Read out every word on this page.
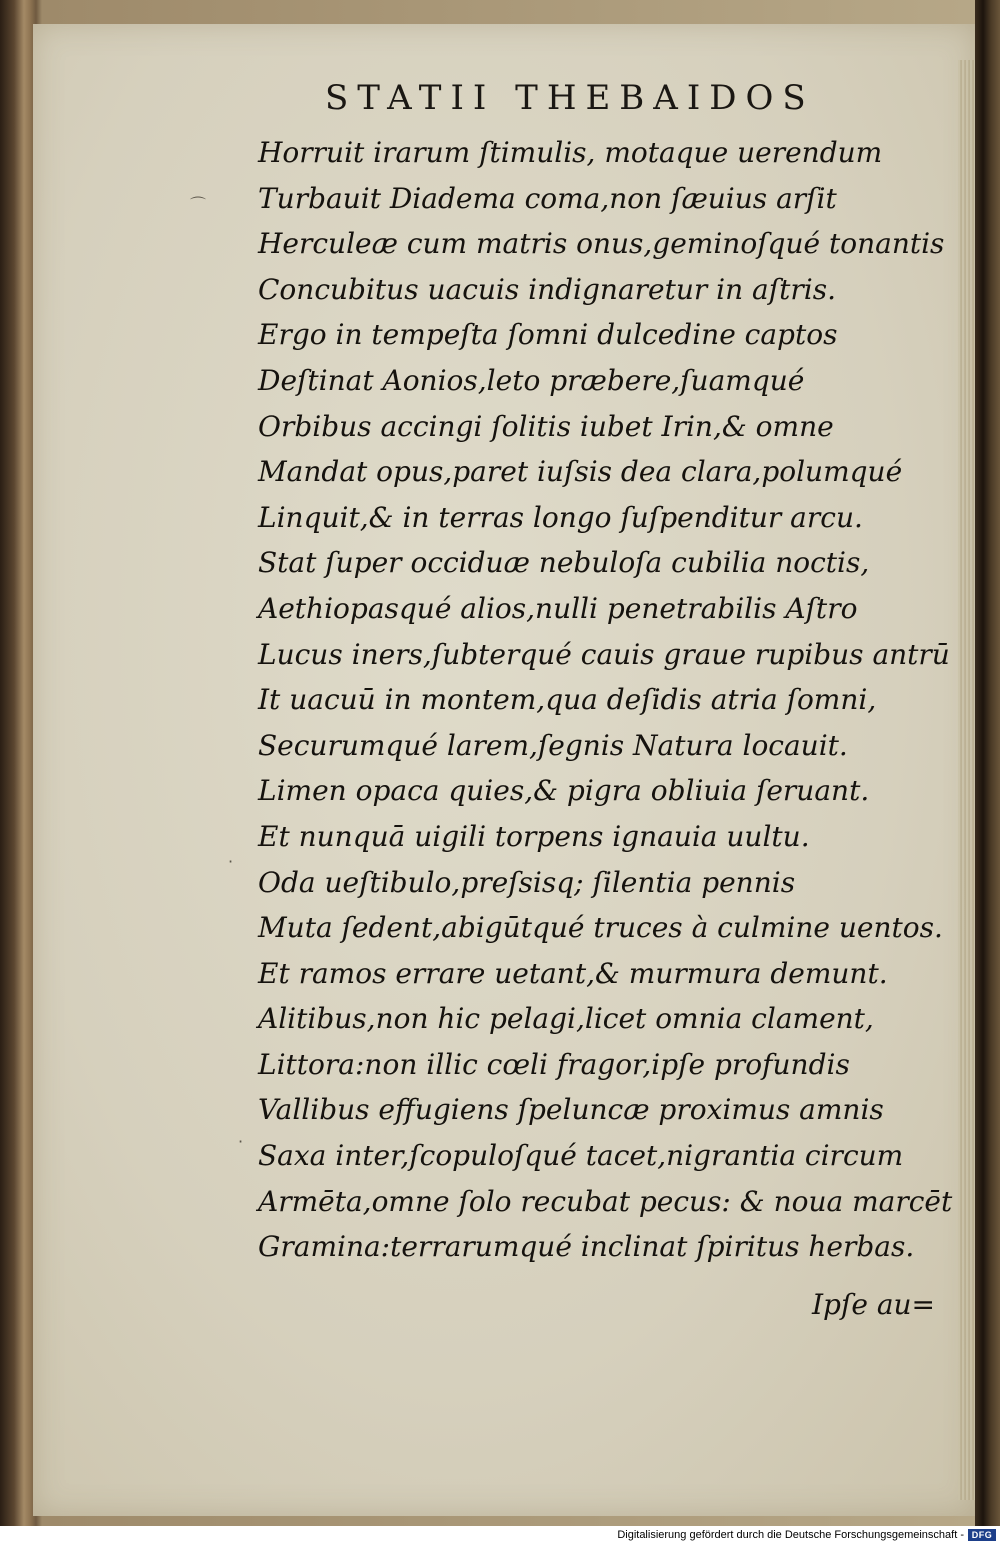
⌒
·
·
STATII THEBAIDOS
Horruit irarum ſtimulis, motaque uerendum
Turbauit Diadema coma,non ſæuius arſit
Herculeæ cum matris onus,geminoſqué tonantis
Concubitus uacuis indignaretur in aſtris.
Ergo in tempeſta ſomni dulcedine captos
Deſtinat Aonios,leto præbere,ſuamqué
Orbibus accingi ſolitis iubet Irin,& omne
Mandat opus,paret iuſsis dea clara,polumqué
Linquit,& in terras longo ſuſpenditur arcu.
Stat ſuper occiduæ nebuloſa cubilia noctis,
Aethiopasqué alios,nulli penetrabilis Aſtro
Lucus iners,ſubterqué cauis graue rupibus antrū
It uacuū in montem,qua deſidis atria ſomni,
Securumqué larem,ſegnis Natura locauit.
Limen opaca quies,& pigra obliuia ſeruant.
Et nunquā uigili torpens ignauia uultu.
Oda ueſtibulo,preſsisq; ſilentia pennis
Muta ſedent,abigūtqué truces à culmine uentos.
Et ramos errare uetant,& murmura demunt.
Alitibus,non hic pelagi,licet omnia clament,
Littora:non illic cœli fragor,ipſe profundis
Vallibus effugiens ſpeluncæ proximus amnis
Saxa inter,ſcopuloſqué tacet,nigrantia circum
Armēta,omne ſolo recubat pecus: & noua marcēt
Gramina:terrarumqué inclinat ſpiritus herbas.
Ipſe au=
Digitalisierung gefördert durch die Deutsche Forschungsgemeinschaft - DFG
